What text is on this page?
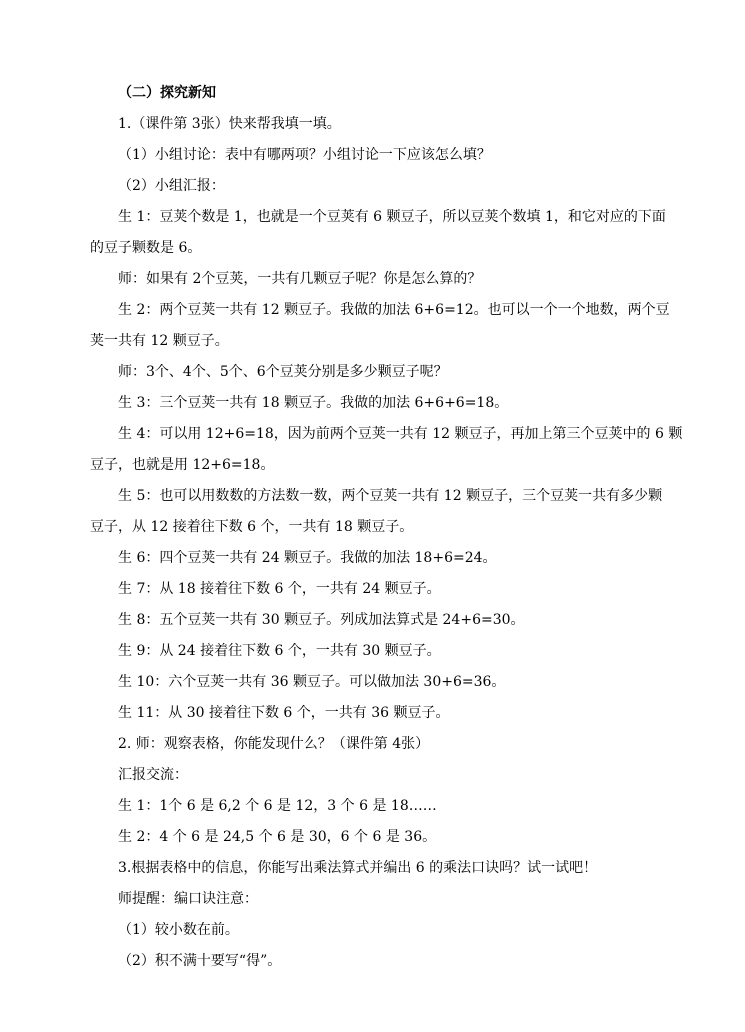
（二）探究新知
1.（课件第 3张）快来帮我填一填。
（1）小组讨论：表中有哪两项？小组讨论一下应该怎么填？
（2）小组汇报：
生 1：豆荚个数是 1，也就是一个豆荚有 6 颗豆子，所以豆荚个数填 1，和它对应的下面
的豆子颗数是 6。
师：如果有 2个豆荚，一共有几颗豆子呢？你是怎么算的？
生 2：两个豆荚一共有 12 颗豆子。我做的加法 6+6=12。也可以一个一个地数，两个豆
荚一共有 12 颗豆子。
师：3个、4个、5个、6个豆荚分别是多少颗豆子呢？
生 3：三个豆荚一共有 18 颗豆子。我做的加法 6+6+6=18。
生 4：可以用 12+6=18，因为前两个豆荚一共有 12 颗豆子，再加上第三个豆荚中的 6 颗
豆子，也就是用 12+6=18。
生 5：也可以用数数的方法数一数，两个豆荚一共有 12 颗豆子，三个豆荚一共有多少颗
豆子，从 12 接着往下数 6 个，一共有 18 颗豆子。
生 6：四个豆荚一共有 24 颗豆子。我做的加法 18+6=24。
生 7：从 18 接着往下数 6 个，一共有 24 颗豆子。
生 8：五个豆荚一共有 30 颗豆子。列成加法算式是 24+6=30。
生 9：从 24 接着往下数 6 个，一共有 30 颗豆子。
生 10：六个豆荚一共有 36 颗豆子。可以做加法 30+6=36。
生 11：从 30 接着往下数 6 个，一共有 36 颗豆子。
2. 师：观察表格，你能发现什么？（课件第 4张）
汇报交流：
生 1：1个 6 是 6,2 个 6 是 12，3 个 6 是 18……
生 2：4 个 6 是 24,5 个 6 是 30，6 个 6 是 36。
3.根据表格中的信息，你能写出乘法算式并编出 6 的乘法口诀吗？试一试吧！
师提醒：编口诀注意：
（1）较小数在前。
（2）积不满十要写“得”。
